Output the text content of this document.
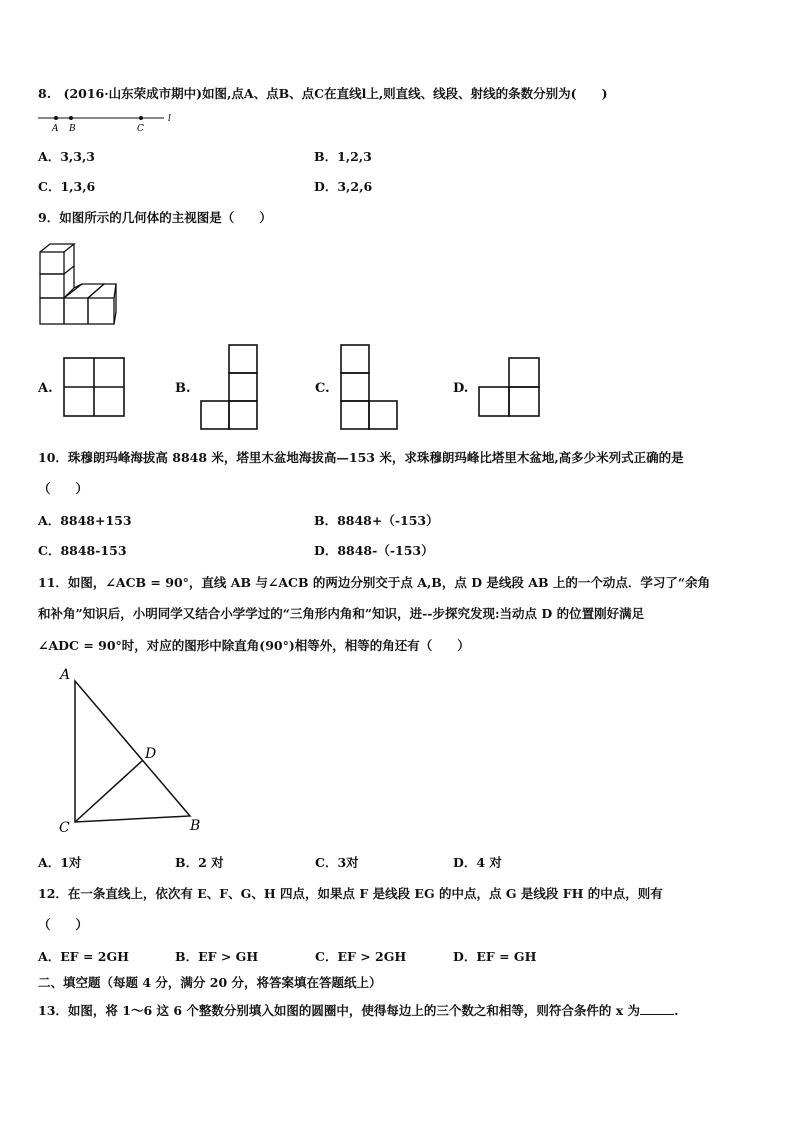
8.　(2016·山东荣成市期中)如图,点A、点B、点C在直线l上,则直线、线段、射线的条数分别为(　　)
A B	C
l
A．3,3,3	B．1,2,3
C．1,3,6	D．3,2,6
9．如图所示的几何体的主视图是（　　）
A.	B.	C.	D.
10．珠穆朗玛峰海拔高 8848 米，塔里木盆地海拔高—153 米，求珠穆朗玛峰比塔里木盆地,高多少米列式正确的是
（　　）
A．8848+153	B．8848+（-153）
C．8848-153	D．8848-（-153）
11．如图，∠ACB = 90°，直线 AB 与∠ACB 的两边分别交于点 A,B，点 D 是线段 AB 上的一个动点．学习了“余角
和补角”知识后，小明同学又结合小学学过的“三角形内角和”知识，进--步探究发现:当动点 D 的位置刚好满足
∠ADC = 90°时，对应的图形中除直角(90°)相等外，相等的角还有（　　）
A
D
C	B
A．1对	B．2 对	C．3对	D．4 对
12．在一条直线上，依次有 E、F、G、H 四点，如果点 F 是线段 EG 的中点，点 G 是线段 FH 的中点，则有
（　　）
A．EF = 2GH	B．EF > GH	C．EF > 2GH	D．EF = GH
二、填空题（每题 4 分，满分 20 分，将答案填在答题纸上）
13．如图，将 1～6 这 6 个整数分别填入如图的圆圈中，使得每边上的三个数之和相等，则符合条件的 x 为	.
